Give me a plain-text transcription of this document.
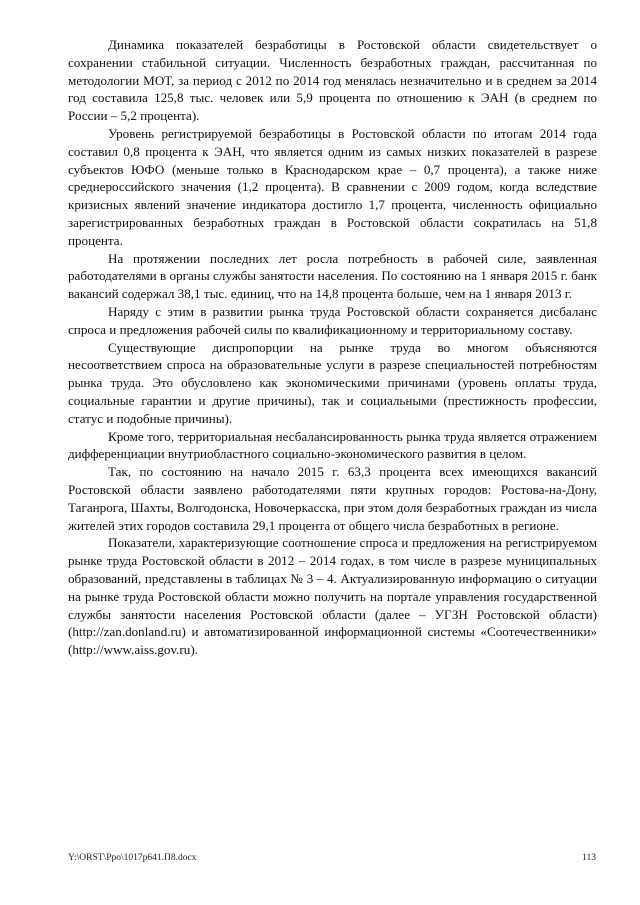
Динамика показателей безработицы в Ростовской области свидетельствует о сохранении стабильной ситуации. Численность безработных граждан, рассчитанная по методологии МОТ, за период с 2012 по 2014 год менялась незначительно и в среднем за 2014 год составила 125,8 тыс. человек или 5,9 процента по отношению к ЭАН (в среднем по России – 5,2 процента).

Уровень регистрируемой безработицы в Ростовской области по итогам 2014 года составил 0,8 процента к ЭАН, что является одним из самых низких показателей в разрезе субъектов ЮФО (меньше только в Краснодарском крае – 0,7 процента), а также ниже среднероссийского значения (1,2 процента). В сравнении с 2009 годом, когда вследствие кризисных явлений значение индикатора достигло 1,7 процента, численность официально зарегистрированных безработных граждан в Ростовской области сократилась на 51,8 процента.

На протяжении последних лет росла потребность в рабочей силе, заявленная работодателями в органы службы занятости населения. По состоянию на 1 января 2015 г. банк вакансий содержал 38,1 тыс. единиц, что на 14,8 процента больше, чем на 1 января 2013 г.

Наряду с этим в развитии рынка труда Ростовской области сохраняется дисбаланс спроса и предложения рабочей силы по квалификационному и территориальному составу.

Существующие диспропорции на рынке труда во многом объясняются несоответствием спроса на образовательные услуги в разрезе специальностей потребностям рынка труда. Это обусловлено как экономическими причинами (уровень оплаты труда, социальные гарантии и другие причины), так и социальными (престижность профессии, статус и подобные причины).

Кроме того, территориальная несбалансированность рынка труда является отражением дифференциации внутриобластного социально-экономического развития в целом.

Так, по состоянию на начало 2015 г. 63,3 процента всех имеющихся вакансий Ростовской области заявлено работодателями пяти крупных городов: Ростова-на-Дону, Таганрога, Шахты, Волгодонска, Новочеркасска, при этом доля безработных граждан из числа жителей этих городов составила 29,1 процента от общего числа безработных в регионе.

Показатели, характеризующие соотношение спроса и предложения на регистрируемом рынке труда Ростовской области в 2012 – 2014 годах, в том числе в разрезе муниципальных образований, представлены в таблицах № 3 – 4. Актуализированную информацию о ситуации на рынке труда Ростовской области можно получить на портале управления государственной службы занятости населения Ростовской области (далее – УГЗН Ростовской области) (http://zan.donland.ru) и автоматизированной информационной системы «Соотечественники» (http://www.aiss.gov.ru).

Y:\ORST\Ppo\1017p641.П8.docx	113
